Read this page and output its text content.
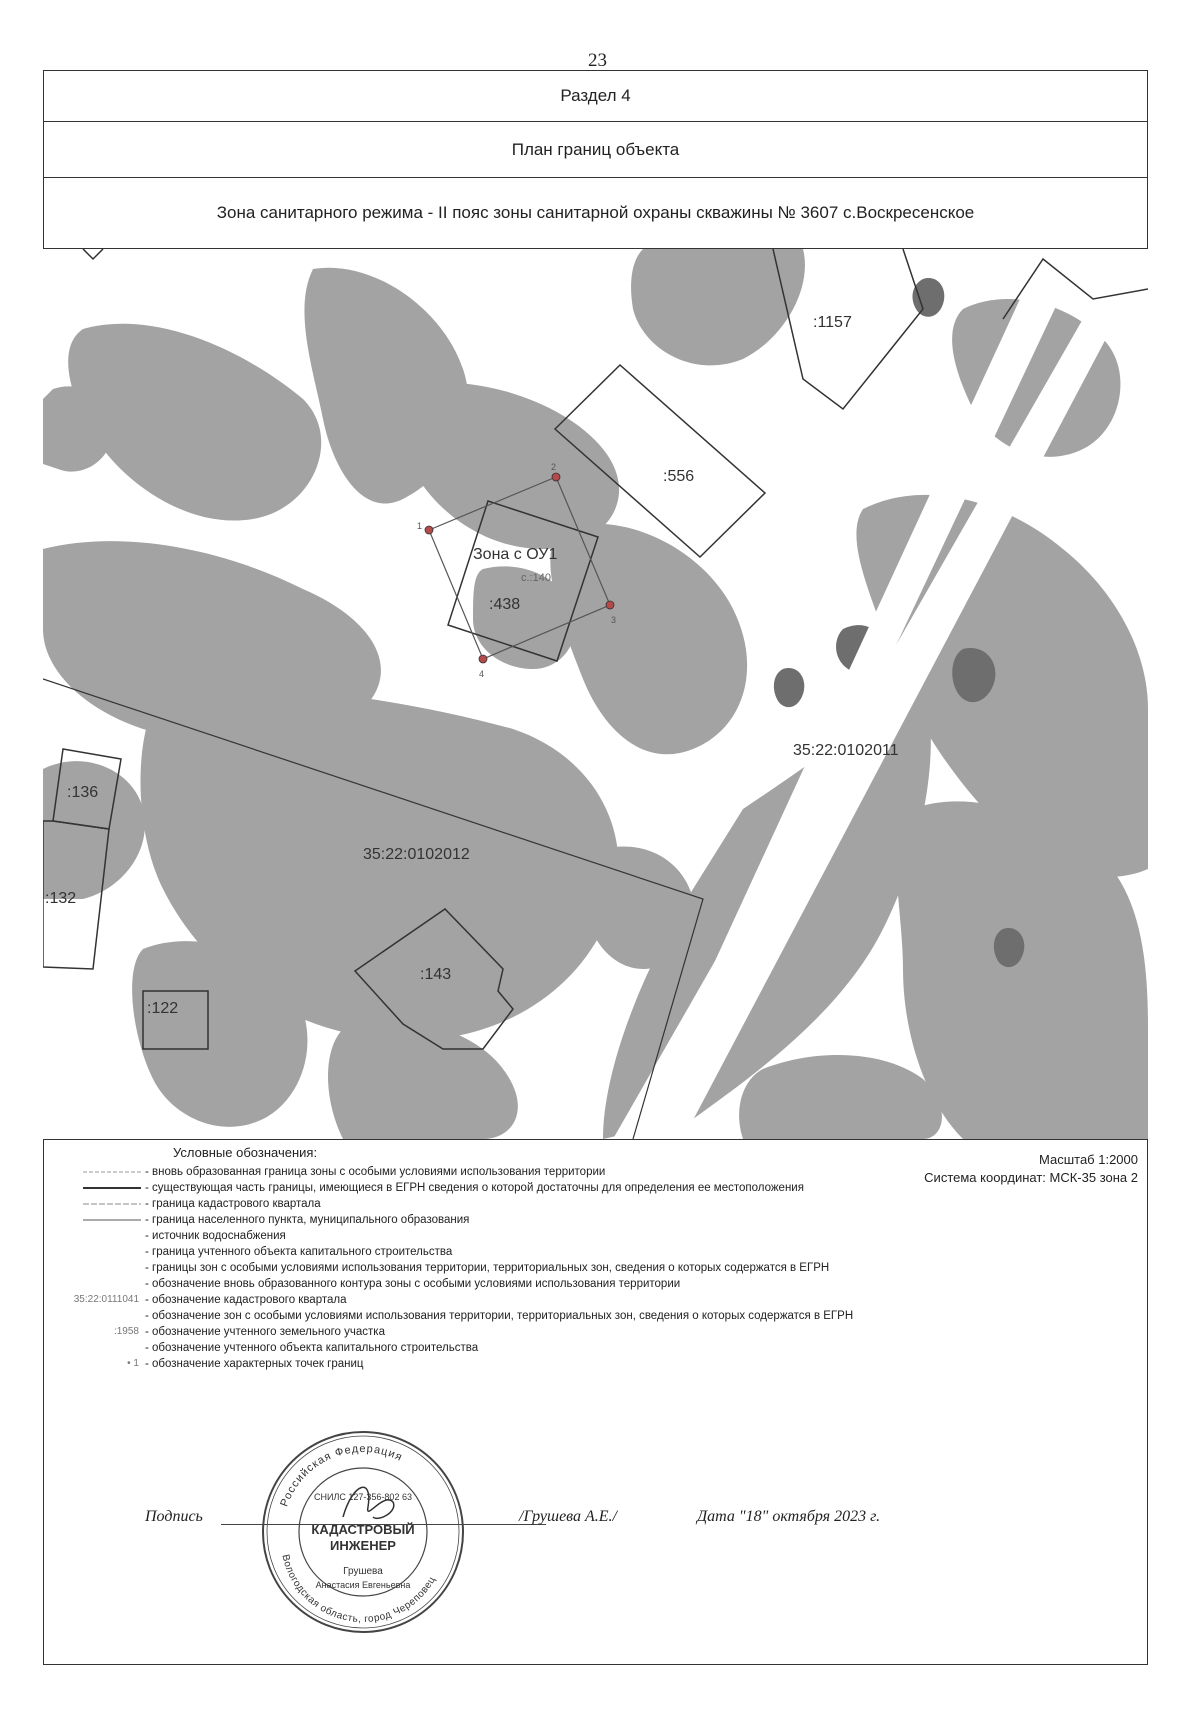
23
Раздел 4
План границ объекта
Зона санитарного режима - II пояс зоны санитарной охраны скважины № 3607 с.Воскресенское
1
2
3
4
Зона с ОУ1
с.:140
:438
:556
:1157
35:22:0102011
35:22:0102012
:136
:132
:122
:143
Условные обозначения:	Масштаб 1:2000
Система координат: МСК-35 зона 2
- вновь образованная граница зоны с особыми условиями использования территории
- существующая часть границы, имеющиеся в ЕГРН сведения о которой достаточны для определения ее местоположения
- граница кадастрового квартала
- граница населенного пункта, муниципального образования
- источник водоснабжения
- граница учтенного объекта капитального строительства
- границы зон с особыми условиями использования территории, территориальных зон, сведения о которых содержатся в ЕГРН
- обозначение вновь образованного контура зоны с особыми условиями использования территории
35:22:0111041 - обозначение кадастрового квартала
- обозначение зон с особыми условиями использования территории, территориальных зон, сведения о которых содержатся в ЕГРН
:1958 - обозначение учтенного земельного участка
- обозначение учтенного объекта капитального строительства
• 1 - обозначение характерных точек границ
Подпись	/Грушева А.Е./	Дата "18" октября 2023 г.
Российская Федерация
Вологодская область, город Череповец
СНИЛС 127-356-802 63
КАДАСТРОВЫЙ
ИНЖЕНЕР
Грушева
Анастасия Евгеньевна
